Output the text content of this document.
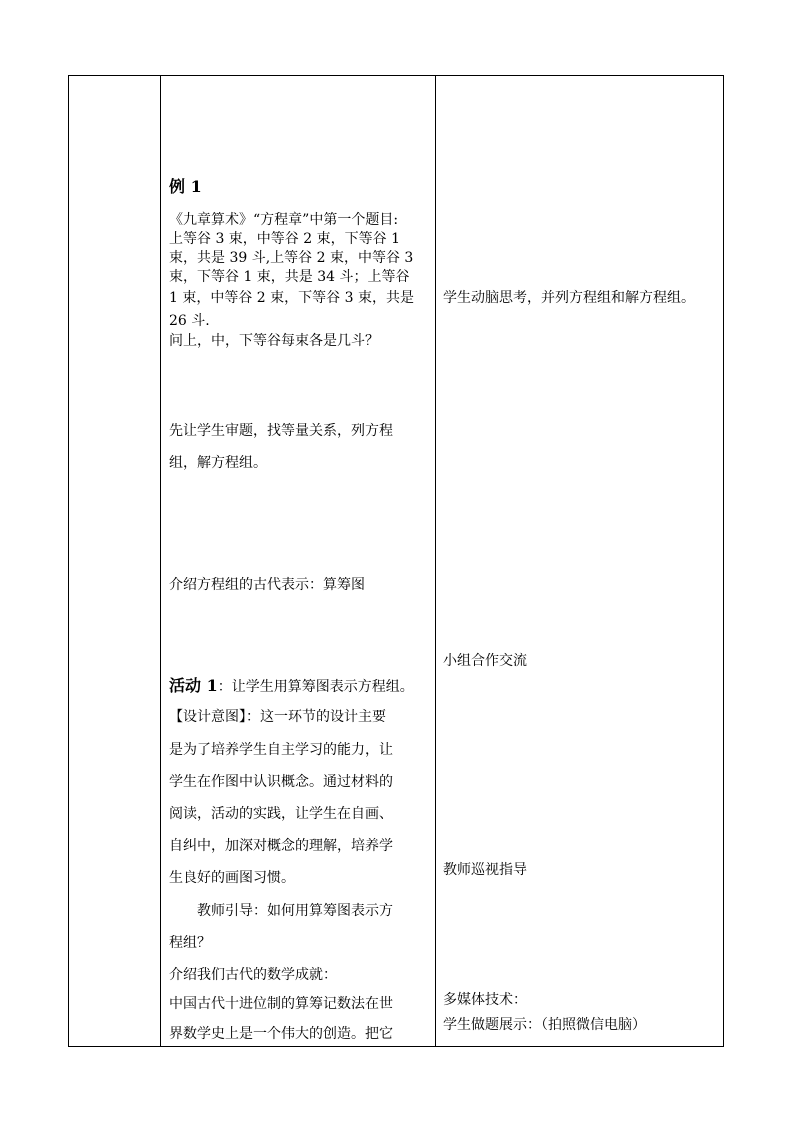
例 1
《九章算术》“方程章”中第一个题目:
上等谷 3 束，中等谷 2 束，下等谷 1
束，共是 39 斗,上等谷 2 束，中等谷 3
束，下等谷 1 束，共是 34 斗；上等谷
1 束，中等谷 2 束，下等谷 3 束，共是
26 斗.
问上，中，下等谷每束各是几斗？
先让学生审题，找等量关系，列方程
组，解方程组。
介绍方程组的古代表示：算筹图
活动 1：让学生用算筹图表示方程组。
【设计意图】：这一环节的设计主要
是为了培养学生自主学习的能力，让
学生在作图中认识概念。通过材料的
阅读，活动的实践，让学生在自画、
自纠中，加深对概念的理解，培养学
生良好的画图习惯。
教师引导：如何用算筹图表示方
程组？
介绍我们古代的数学成就：
中国古代十进位制的算筹记数法在世
界数学史上是一个伟大的创造。把它
学生动脑思考，并列方程组和解方程组。
小组合作交流
教师巡视指导
多媒体技术：
学生做题展示：（拍照微信电脑）
